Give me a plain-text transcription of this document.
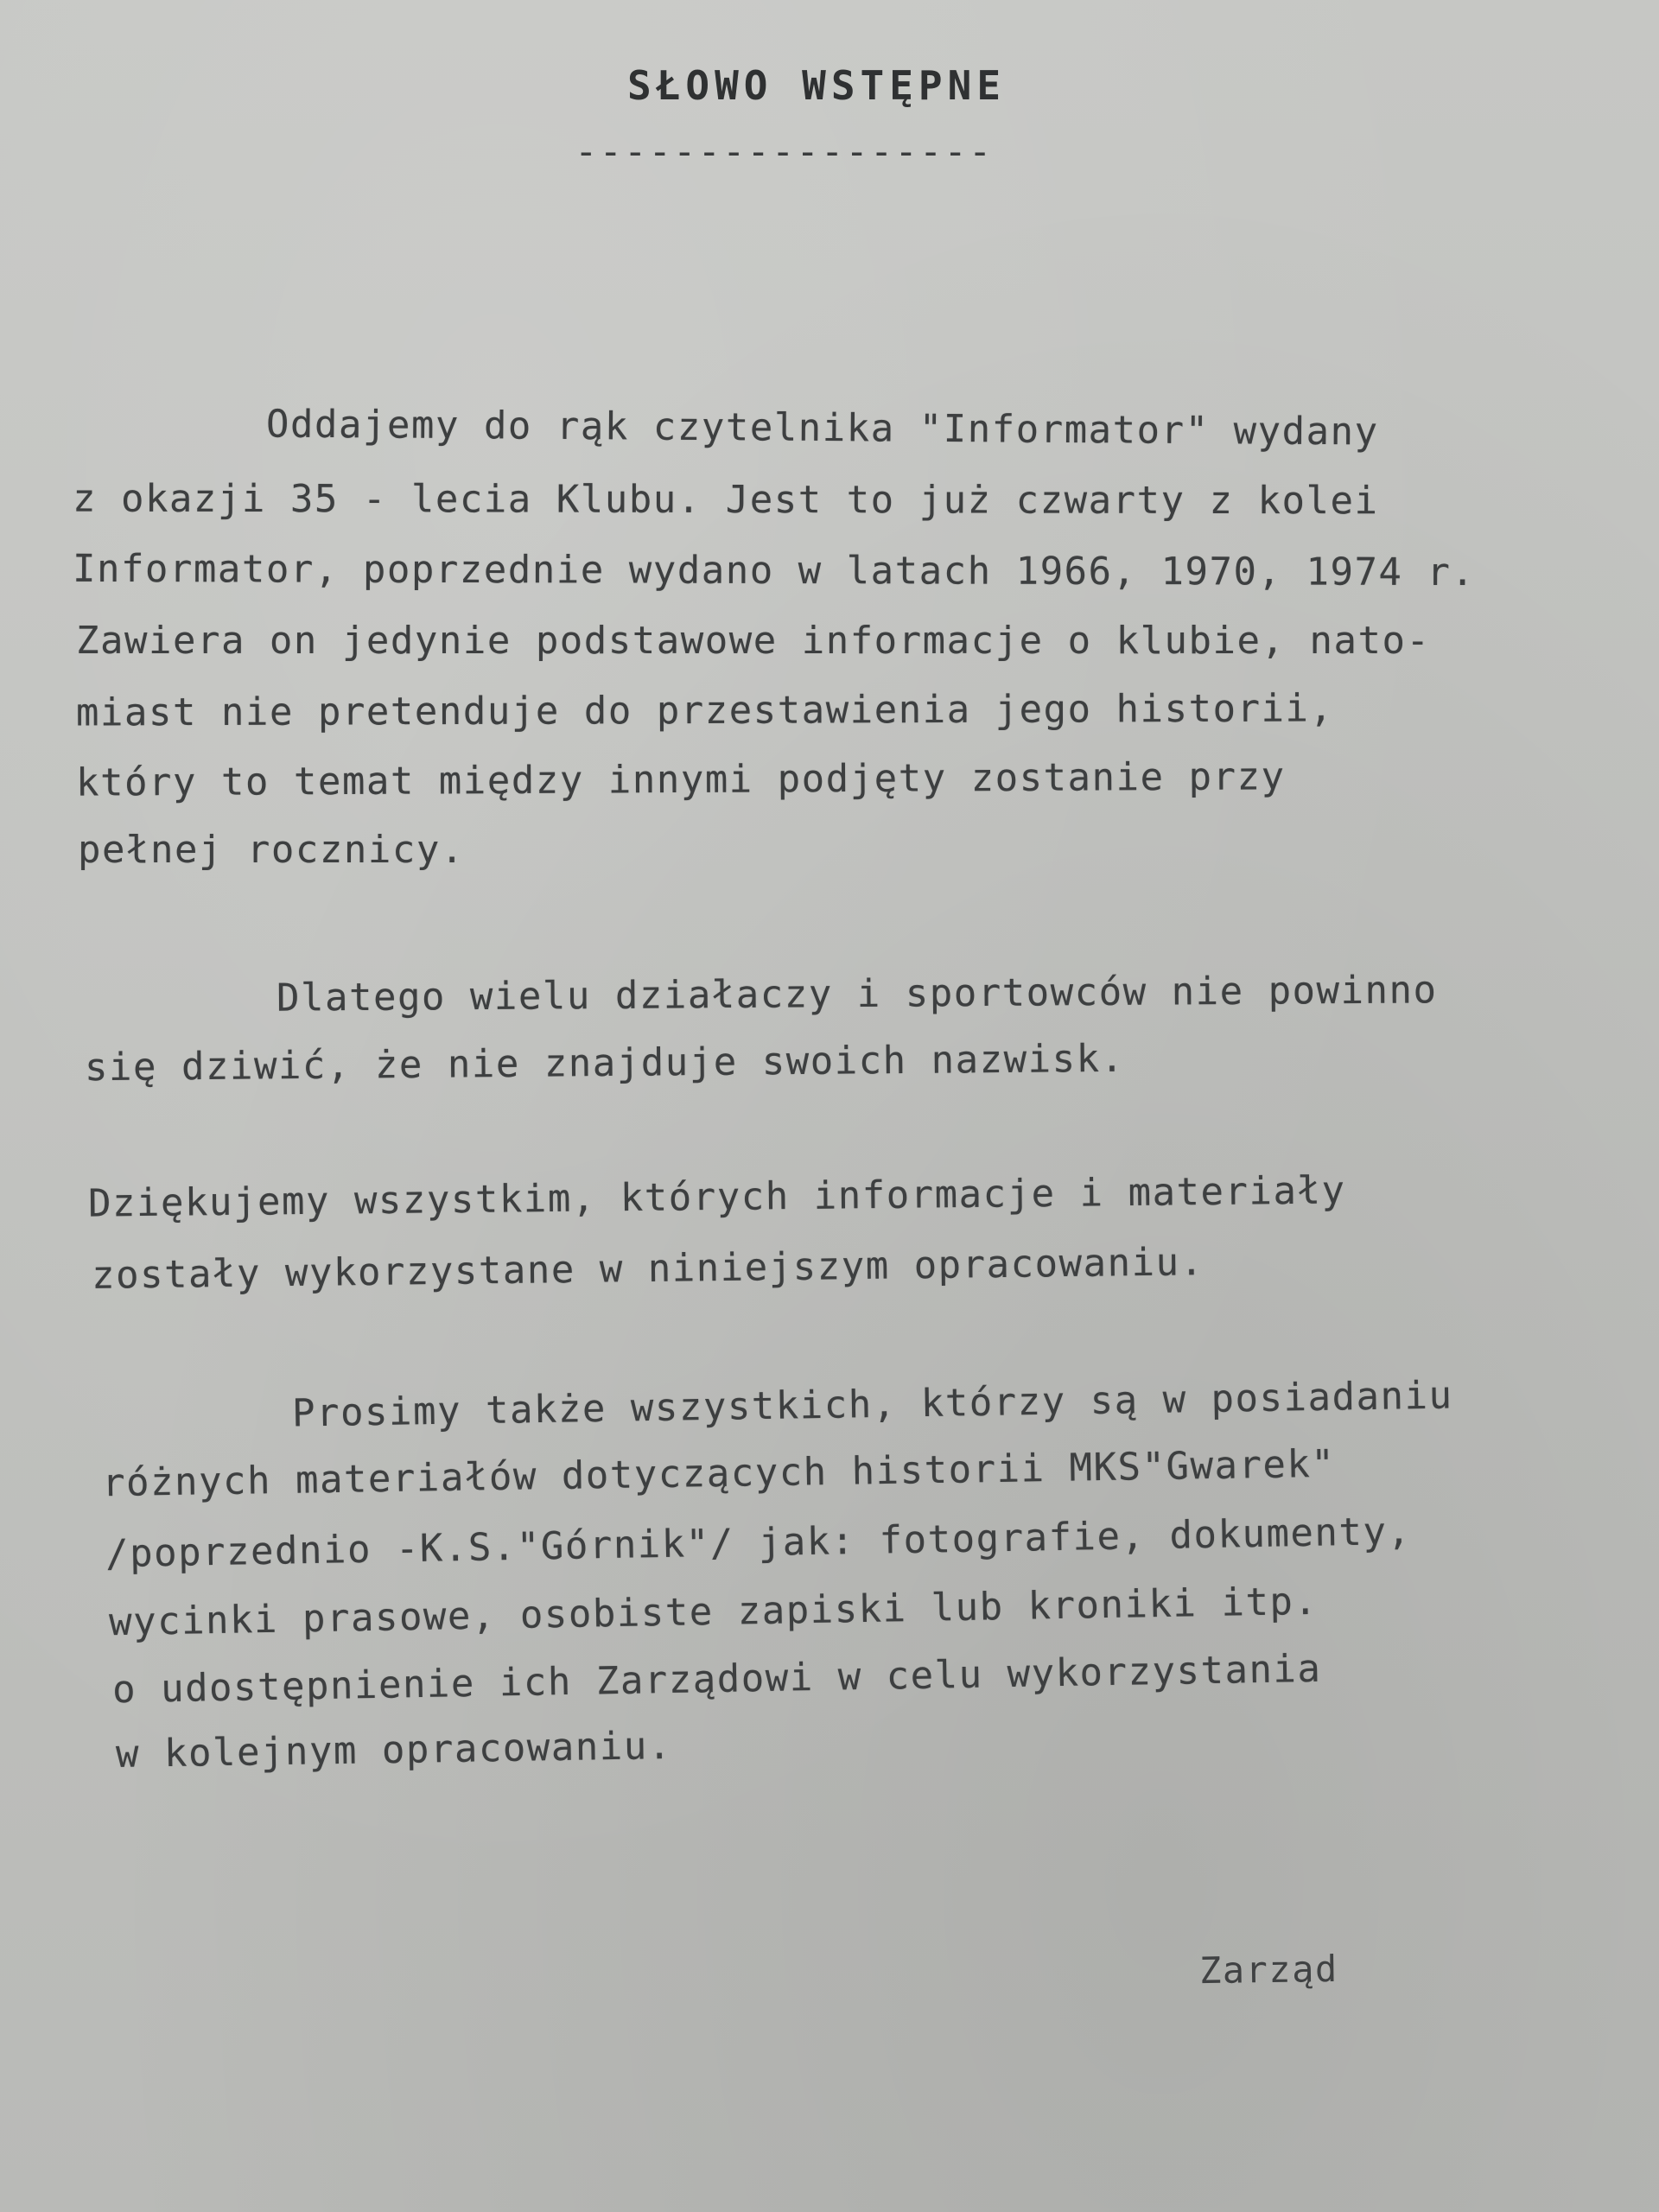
SŁOWO WSTĘPNE
-----------------
Oddajemy do rąk czytelnika "Informator" wydany
z okazji 35 - lecia Klubu. Jest to już czwarty z kolei
Informator, poprzednie wydano w latach 1966, 1970, 1974 r.
Zawiera on jedynie podstawowe informacje o klubie, nato-
miast nie pretenduje do przestawienia jego historii,
który to temat między innymi podjęty zostanie przy
pełnej rocznicy.
Dlatego wielu działaczy i sportowców nie powinno
się dziwić, że nie znajduje swoich nazwisk.
Dziękujemy wszystkim, których informacje i materiały
zostały wykorzystane w niniejszym opracowaniu.
Prosimy także wszystkich, którzy są w posiadaniu
różnych materiałów dotyczących historii MKS"Gwarek"
/poprzednio -K.S."Górnik"/ jak: fotografie, dokumenty,
wycinki prasowe, osobiste zapiski lub kroniki itp.
o udostępnienie ich Zarządowi w celu wykorzystania
w kolejnym opracowaniu.
Zarząd
